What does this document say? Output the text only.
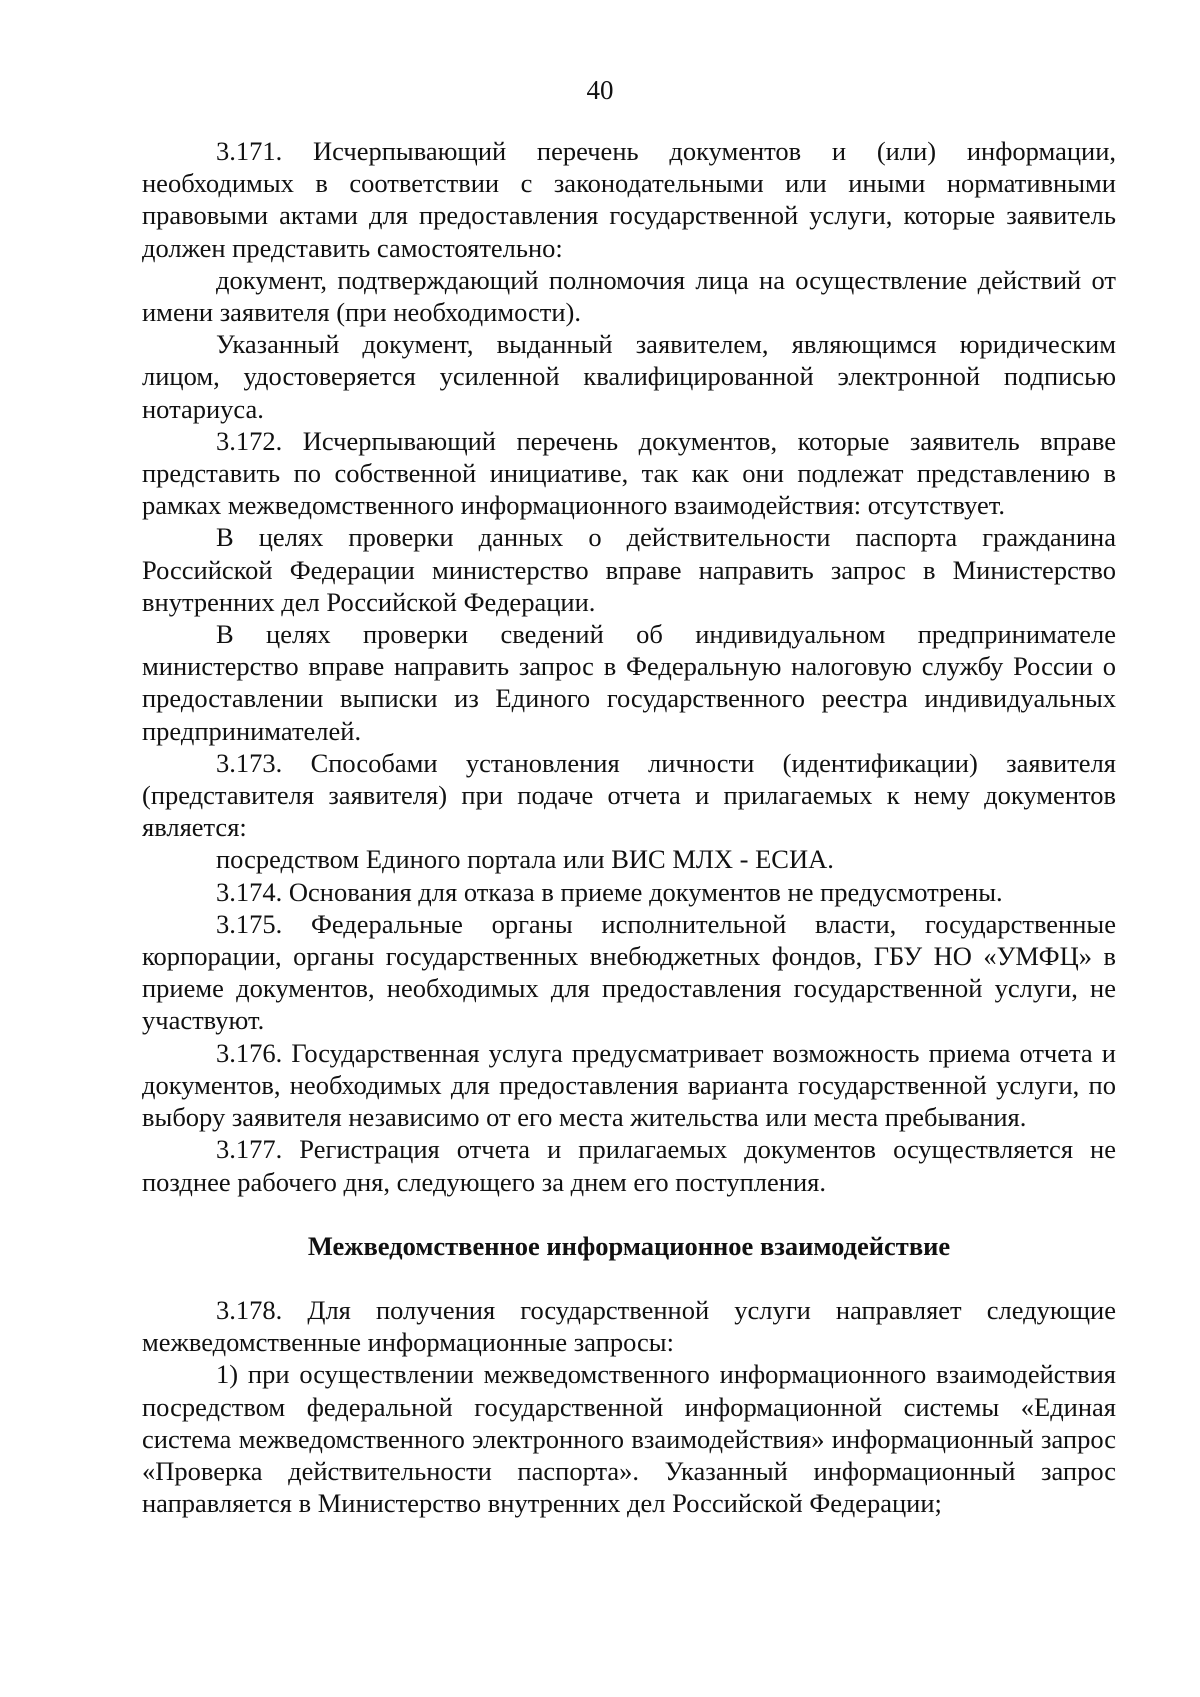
40

3.171. Исчерпывающий перечень документов и (или) информации, необходимых в соответствии с законодательными или иными нормативными правовыми актами для предоставления государственной услуги, которые заявитель должен представить самостоятельно:

документ, подтверждающий полномочия лица на осуществление действий от имени заявителя (при необходимости).

Указанный документ, выданный заявителем, являющимся юридическим лицом, удостоверяется усиленной квалифицированной электронной подписью нотариуса.

3.172. Исчерпывающий перечень документов, которые заявитель вправе представить по собственной инициативе, так как они подлежат представлению в рамках межведомственного информационного взаимодействия: отсутствует.

В целях проверки данных о действительности паспорта гражданина Российской Федерации министерство вправе направить запрос в Министерство внутренних дел Российской Федерации.

В целях проверки сведений об индивидуальном предпринимателе министерство вправе направить запрос в Федеральную налоговую службу России о предоставлении выписки из Единого государственного реестра индивидуальных предпринимателей.

3.173. Способами установления личности (идентификации) заявителя (представителя заявителя) при подаче отчета и прилагаемых к нему документов является:

посредством Единого портала или ВИС МЛХ - ЕСИА.

3.174. Основания для отказа в приеме документов не предусмотрены.

3.175. Федеральные органы исполнительной власти, государственные корпорации, органы государственных внебюджетных фондов, ГБУ НО «УМФЦ» в приеме документов, необходимых для предоставления государственной услуги, не участвуют.

3.176. Государственная услуга предусматривает возможность приема отчета и документов, необходимых для предоставления варианта государственной услуги, по выбору заявителя независимо от его места жительства или места пребывания.

3.177. Регистрация отчета и прилагаемых документов осуществляется не позднее рабочего дня, следующего за днем его поступления.

Межведомственное информационное взаимодействие

3.178. Для получения государственной услуги направляет следующие межведомственные информационные запросы:

1) при осуществлении межведомственного информационного взаимодействия посредством федеральной государственной информационной системы «Единая система межведомственного электронного взаимодействия» информационный запрос «Проверка действительности паспорта». Указанный информационный запрос направляется в Министерство внутренних дел Российской Федерации;
